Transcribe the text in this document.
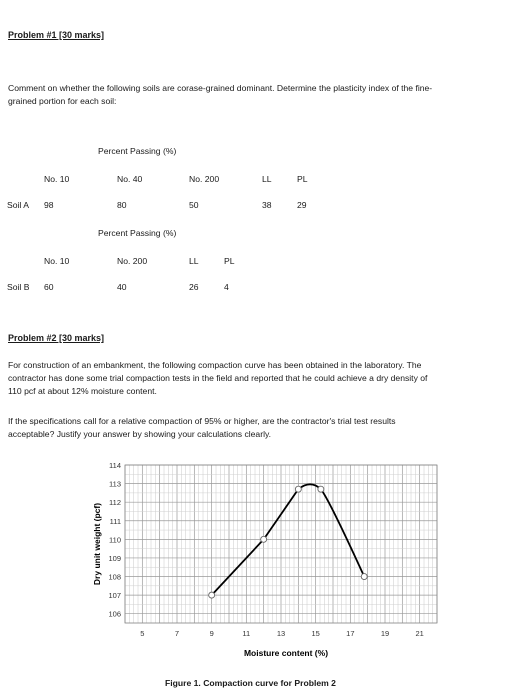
Problem #1 [30 marks]
Comment on whether the following soils are corase-grained dominant. Determine the plasticity index of the fine-
grained portion for each soil:
Percent Passing (%)
No. 10	No. 40	No. 200	LL	PL
Soil A 98	80	50	38	29
Percent Passing (%)
No. 10	No. 200	LL	PL
Soil B 60	40	26	4
Problem #2 [30 marks]
For construction of an embankment, the following compaction curve has been obtained in the laboratory. The
contractor has done some trial compaction tests in the field and reported that he could achieve a dry density of
110 pcf at about 12% moisture content.
If the specifications call for a relative compaction of 95% or higher, are the contractor's trial test results
acceptable? Justify your answer by showing your calculations clearly.
106
107
108
109
110
111
112
113
114
5	7	9	11	13	15	17	19	21
Dry unit weight (pcf)
Moisture content (%)
Figure 1. Compaction curve for Problem 2
